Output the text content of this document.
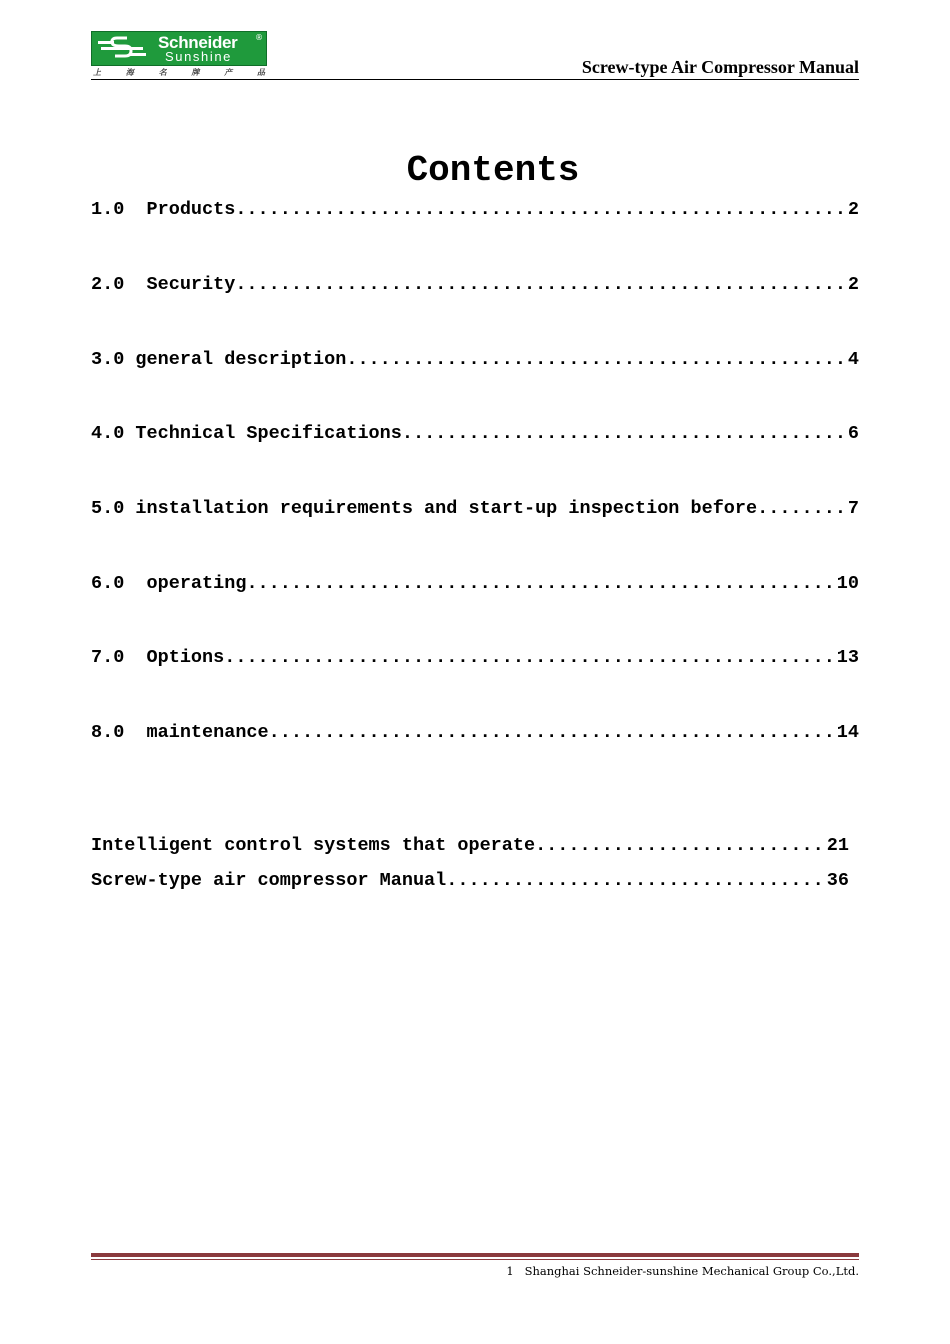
Schneider ®
Sunshine
上	海	名	牌	产	品	Screw-type Air Compressor Manual
Contents
1.0  Products .....	2
2.0  Security .....	2
3.0 general description .....	4
4.0 Technical Specifications .....	6
5.0 installation requirements and start-up inspection before .....	7
6.0  operating .....	10
7.0  Options .....	13
8.0  maintenance .....	14
Intelligent control systems that operate .....	21
Screw-type air compressor Manual .....	36
1 Shanghai Schneider-sunshine Mechanical Group Co.,Ltd.
